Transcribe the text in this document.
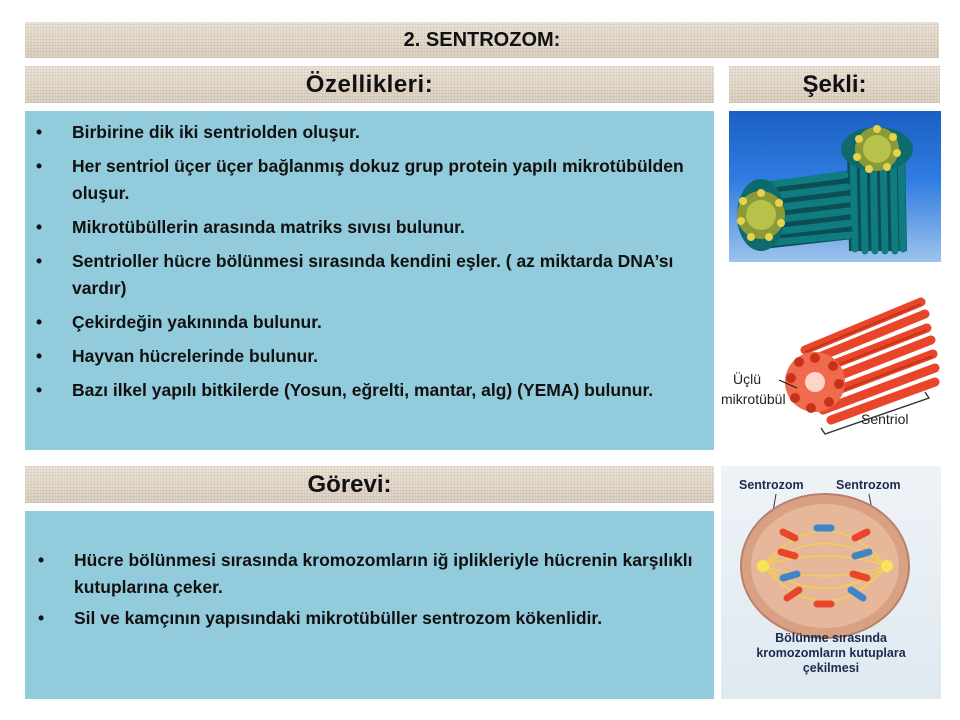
2. SENTROZOM:
Özellikleri:	Şekli:
• Birbirine dik iki sentriolden oluşur.
• Her sentriol üçer üçer bağlanmış dokuz grup protein yapılı mikrotübülden oluşur.
• Mikrotübüllerin arasında matriks sıvısı bulunur.
• Sentrioller hücre bölünmesi sırasında kendini eşler. ( az miktarda DNA’sı vardır)
• Çekirdeğin yakınında bulunur.
• Hayvan hücrelerinde bulunur.
• Bazı ilkel yapılı bitkilerde (Yosun, eğrelti, mantar, alg) (YEMA) bulunur.
Görevi:
• Hücre bölünmesi sırasında kromozomların iğ iplikleriyle hücrenin karşılıklı kutuplarına çeker.
• Sil ve kamçının yapısındaki mikrotübüller sentrozom kökenlidir.
Üçlü
mikrotübül
Sentriol
Sentrozom	Sentrozom
Bölünme sırasında
kromozomların kutuplara
çekilmesi
